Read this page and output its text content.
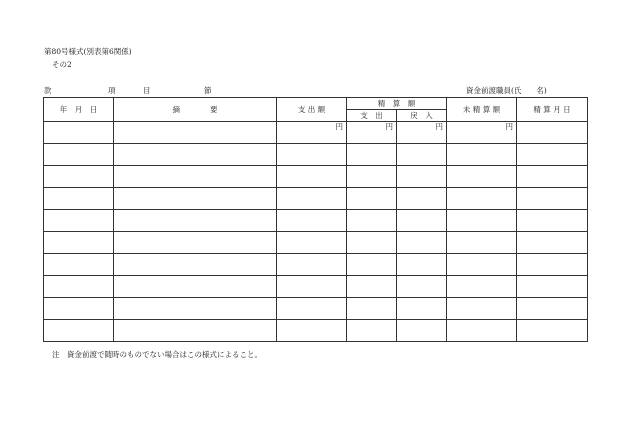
第80号様式(別表第6関係)
その2
款	項	目	節	資金前渡職員(氏　　名)
年　月　日	摘　　　　要	支 出 額	精　算　額		未 精 算 額	精 算 月 日
			支　出	戻　入		
		円	円	円	円	

注　資金前渡で随時のものでない場合はこの様式によること。
